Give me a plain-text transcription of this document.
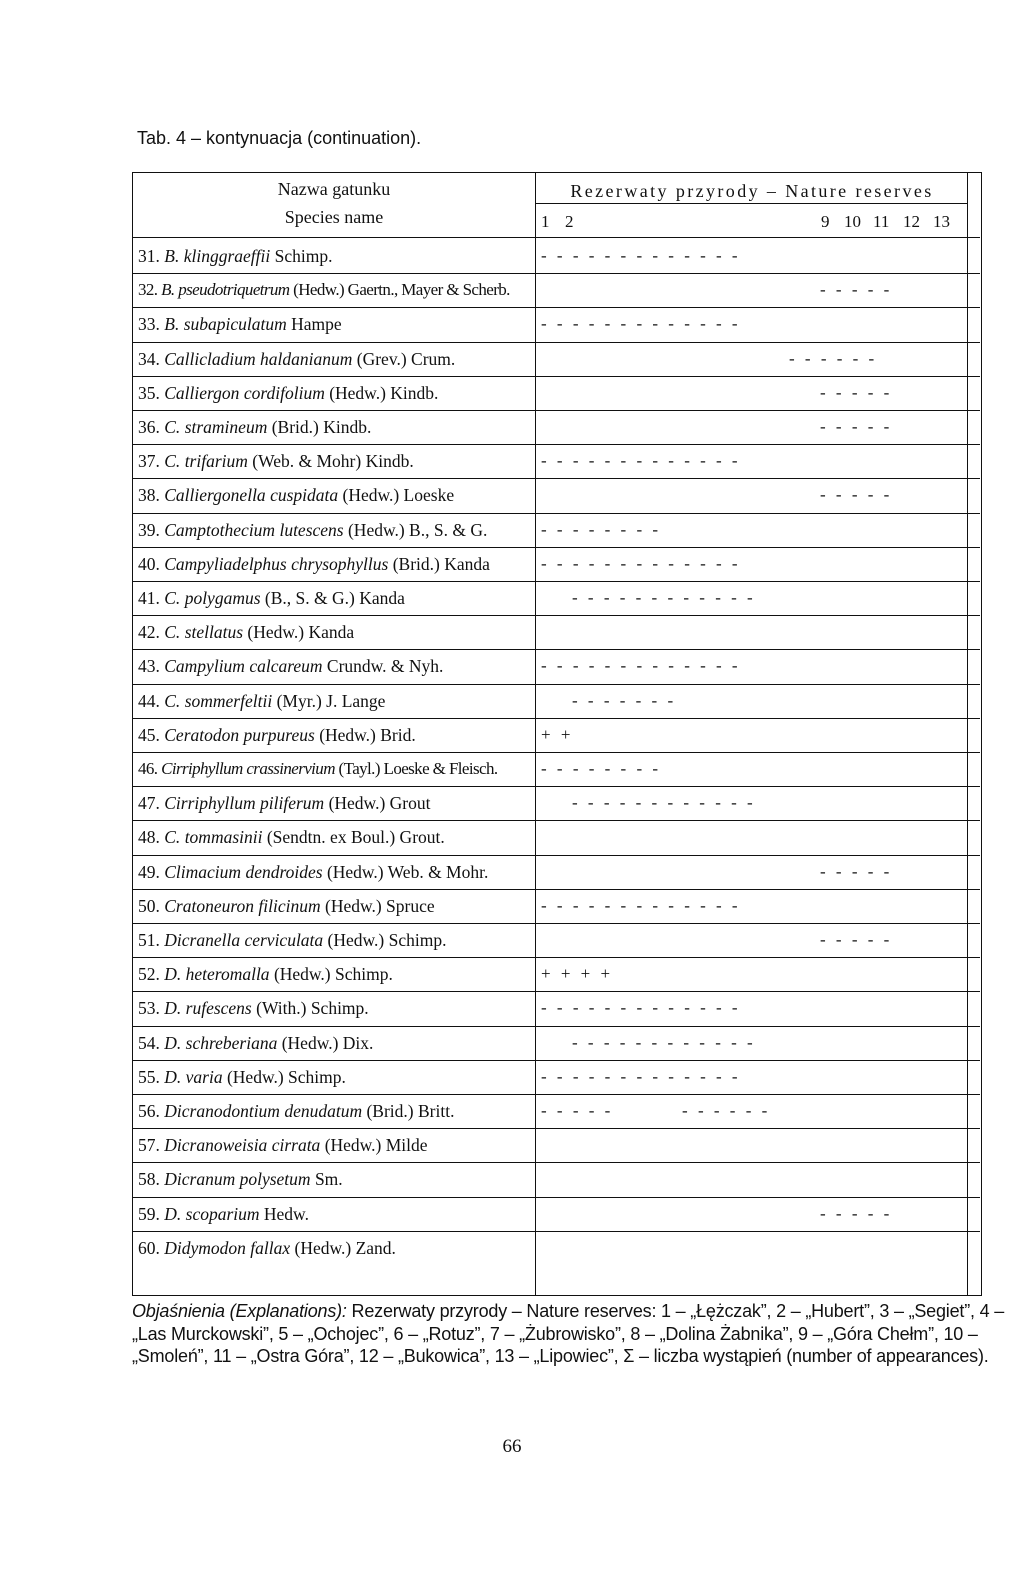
Tab. 4 – kontynuacja (continuation).
Nazwa gatunku
Species name
Rezerwaty przyrody – Nature reserves
1 2	9 10 11 12 13
31. B. klinggraeffii Schimp.	- - - - - - - - - - - - -
32. B. pseudotriquetrum (Hedw.) Gaertn., Mayer & Scherb.	- - - - -
33. B. subapiculatum Hampe	- - - - - - - - - - - - -
34. Callicladium haldanianum (Grev.) Crum.	- - - - - -
35. Calliergon cordifolium (Hedw.) Kindb.	- - - - -
36. C. stramineum (Brid.) Kindb.	- - - - -
37. C. trifarium (Web. & Mohr) Kindb.	- - - - - - - - - - - - -
38. Calliergonella cuspidata (Hedw.) Loeske	- - - - -
39. Camptothecium lutescens (Hedw.) B., S. & G.	- - - - - - - -
40. Campyliadelphus chrysophyllus (Brid.) Kanda	- - - - - - - - - - - - -
41. C. polygamus (B., S. & G.) Kanda	- - - - - - - - - - - -
42. C. stellatus (Hedw.) Kanda
43. Campylium calcareum Crundw. & Nyh.	- - - - - - - - - - - - -
44. C. sommerfeltii (Myr.) J. Lange	- - - - - - -
45. Ceratodon purpureus (Hedw.) Brid.	+ +
46. Cirriphyllum crassinervium (Tayl.) Loeske & Fleisch.	- - - - - - - -
47. Cirriphyllum piliferum (Hedw.) Grout	- - - - - - - - - - - -
48. C. tommasinii (Sendtn. ex Boul.) Grout.
49. Climacium dendroides (Hedw.) Web. & Mohr.	- - - - -
50. Cratoneuron filicinum (Hedw.) Spruce	- - - - - - - - - - - - -
51. Dicranella cerviculata (Hedw.) Schimp.	- - - - -
52. D. heteromalla (Hedw.) Schimp.	+ + + +
53. D. rufescens (With.) Schimp.	- - - - - - - - - - - - -
54. D. schreberiana (Hedw.) Dix.	- - - - - - - - - - - -
55. D. varia (Hedw.) Schimp.	- - - - - - - - - - - - -
56. Dicranodontium denudatum (Brid.) Britt.	- - - - -       - - - - - -
57. Dicranoweisia cirrata (Hedw.) Milde
58. Dicranum polysetum Sm.
59. D. scoparium Hedw.	- - - - -
60. Didymodon fallax (Hedw.) Zand.
Objaśnienia (Explanations): Rezerwaty przyrody – Nature reserves: 1 – „Łężczak”, 2 – „Hubert”, 3 – „Segiet”, 4 – „Las Murckowski”, 5 – „Ochojec”, 6 – „Rotuz”, 7 – „Żubrowisko”, 8 – „Dolina Żabnika”, 9 – „Góra Chełm”, 10 – „Smoleń”, 11 – „Ostra Góra”, 12 – „Bukowica”, 13 – „Lipowiec”, Σ – liczba wystąpień (number of appearances).
66
